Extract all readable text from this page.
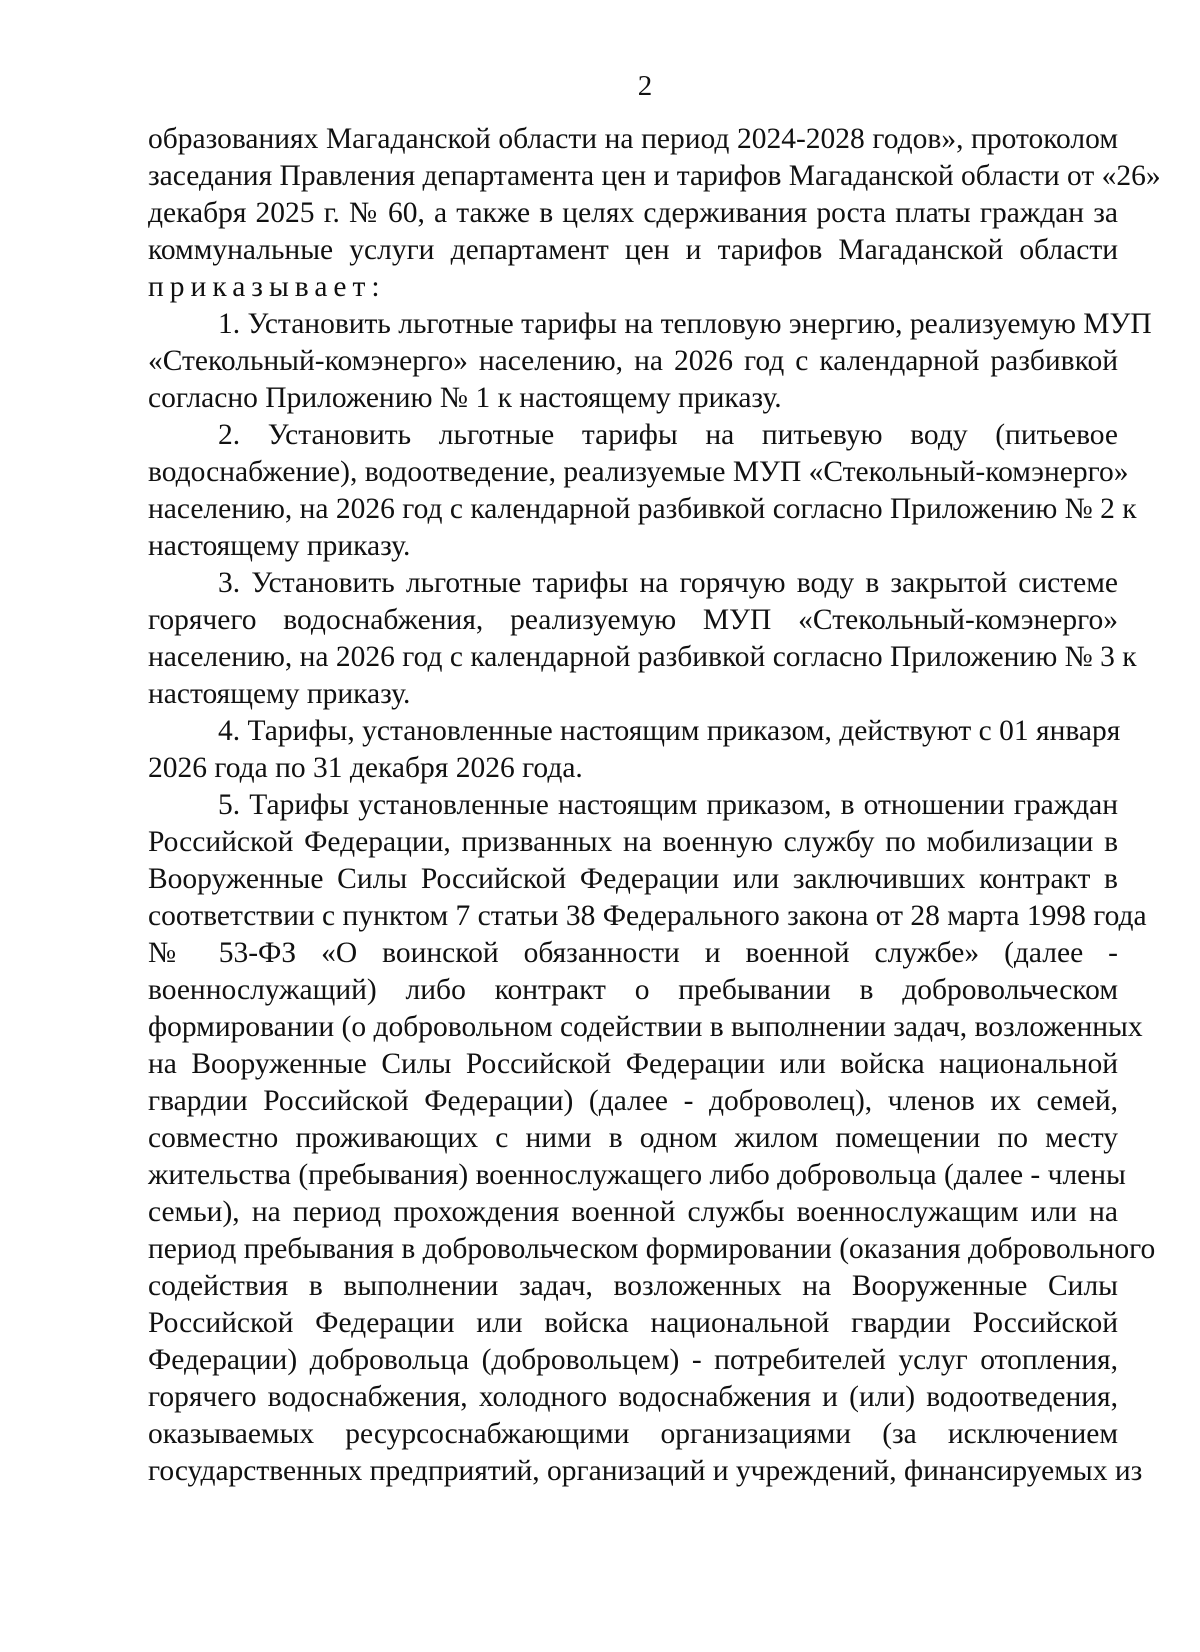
2
образованиях Магаданской области на период 2024-2028 годов», протоколом
заседания Правления департамента цен и тарифов Магаданской области от «26»
декабря 2025 г. № 60, а также в целях сдерживания роста платы граждан за
коммунальные услуги департамент цен и тарифов Магаданской области
приказывает:
1. Установить льготные тарифы на тепловую энергию, реализуемую МУП
«Стекольный-комэнерго» населению, на 2026 год с календарной разбивкой
согласно Приложению № 1 к настоящему приказу.
2. Установить льготные тарифы на питьевую воду (питьевое
водоснабжение), водоотведение, реализуемые МУП «Стекольный-комэнерго»
населению, на 2026 год с календарной разбивкой согласно Приложению № 2 к
настоящему приказу.
3. Установить льготные тарифы на горячую воду в закрытой системе
горячего водоснабжения, реализуемую МУП «Стекольный-комэнерго»
населению, на 2026 год с календарной разбивкой согласно Приложению № 3 к
настоящему приказу.
4. Тарифы, установленные настоящим приказом, действуют с 01 января
2026 года по 31 декабря 2026 года.
5. Тарифы установленные настоящим приказом, в отношении граждан
Российской Федерации, призванных на военную службу по мобилизации в
Вооруженные Силы Российской Федерации или заключивших контракт в
соответствии с пунктом 7 статьи 38 Федерального закона от 28 марта 1998 года
№ 53-ФЗ «О воинской обязанности и военной службе» (далее -
военнослужащий) либо контракт о пребывании в добровольческом
формировании (о добровольном содействии в выполнении задач, возложенных
на Вооруженные Силы Российской Федерации или войска национальной
гвардии Российской Федерации) (далее - доброволец), членов их семей,
совместно проживающих с ними в одном жилом помещении по месту
жительства (пребывания) военнослужащего либо добровольца (далее - члены
семьи), на период прохождения военной службы военнослужащим или на
период пребывания в добровольческом формировании (оказания добровольного
содействия в выполнении задач, возложенных на Вооруженные Силы
Российской Федерации или войска национальной гвардии Российской
Федерации) добровольца (добровольцем) - потребителей услуг отопления,
горячего водоснабжения, холодного водоснабжения и (или) водоотведения,
оказываемых ресурсоснабжающими организациями (за исключением
государственных предприятий, организаций и учреждений, финансируемых из
